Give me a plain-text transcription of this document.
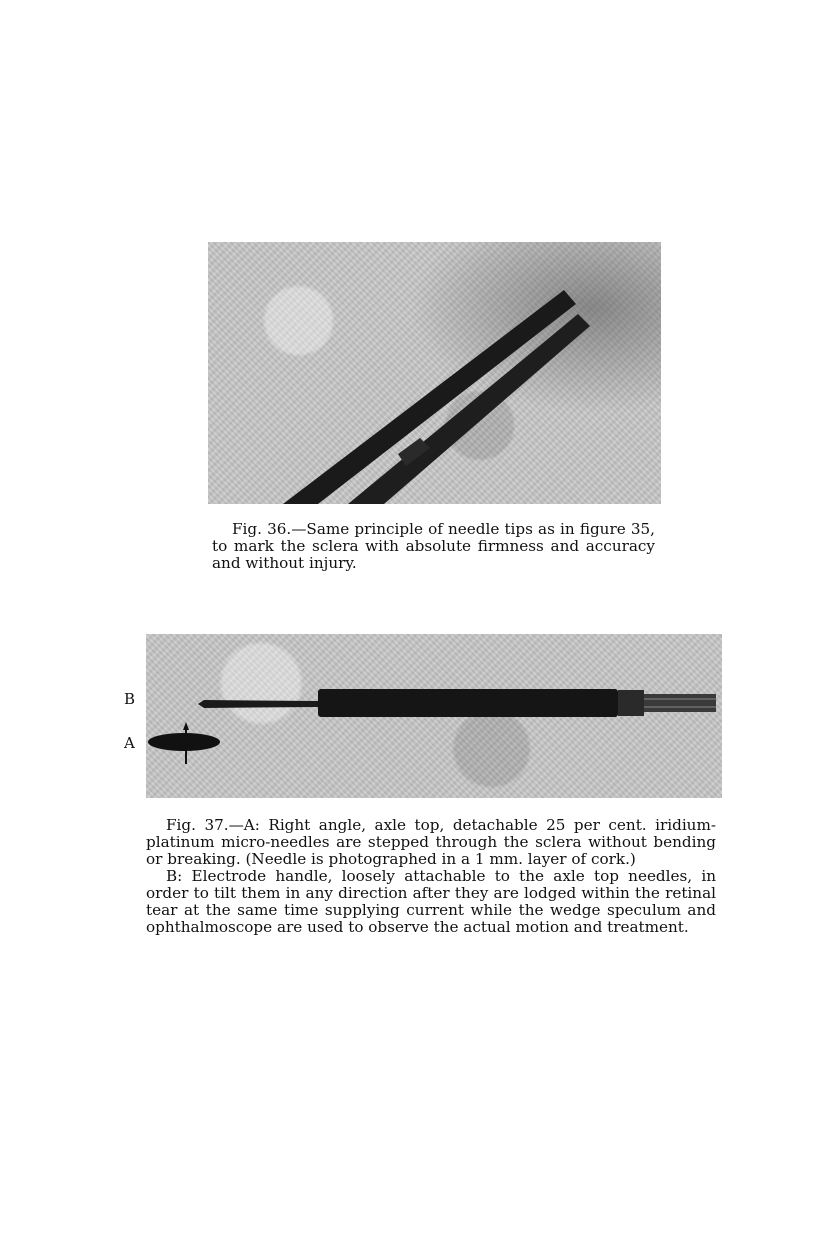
Fig. 36.—Same principle of needle tips as in figure 35, to mark the sclera with absolute firmness and accuracy and without injury.

B
A

Fig. 37.—A: Right angle, axle top, detachable 25 per cent. iridium-platinum micro-needles are stepped through the sclera without bending or breaking. (Needle is photographed in a 1 mm. layer of cork.)

B: Electrode handle, loosely attachable to the axle top needles, in order to tilt them in any direction after they are lodged within the retinal tear at the same time supplying current while the wedge speculum and ophthalmoscope are used to observe the actual motion and treatment.
